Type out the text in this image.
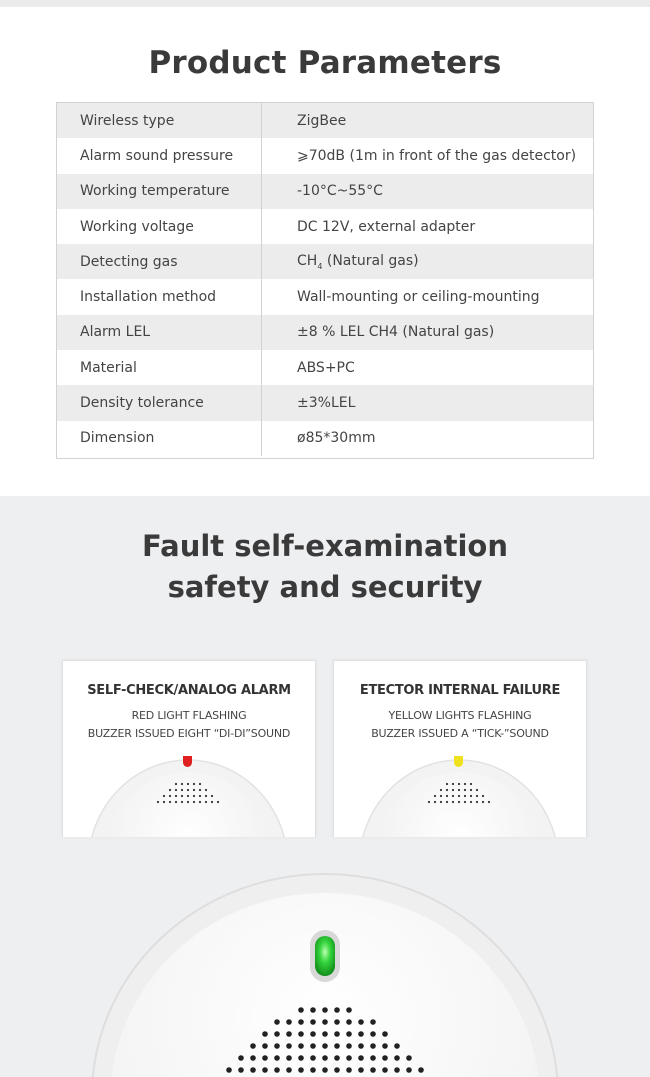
Product Parameters
Wireless type	ZigBee
Alarm sound pressure	⩾70dB (1m in front of the gas detector)
Working temperature	-10°C~55°C
Working voltage	DC 12V, external adapter
Detecting gas	$CH_4$ (Natural gas)
Installation method	Wall-mounting or ceiling-mounting
Alarm LEL	±8 % LEL CH4 (Natural gas)
Material	ABS+PC
Density tolerance	±3%LEL
Dimension	ø85*30mm
Fault self-examination
safety and security
SELF-CHECK/ANALOG ALARM
RED LIGHT FLASHING
BUZZER ISSUED EIGHT “DI-DI”SOUND
ETECTOR INTERNAL FAILURE
YELLOW LIGHTS FLASHING
BUZZER ISSUED A “TICK-”SOUND
